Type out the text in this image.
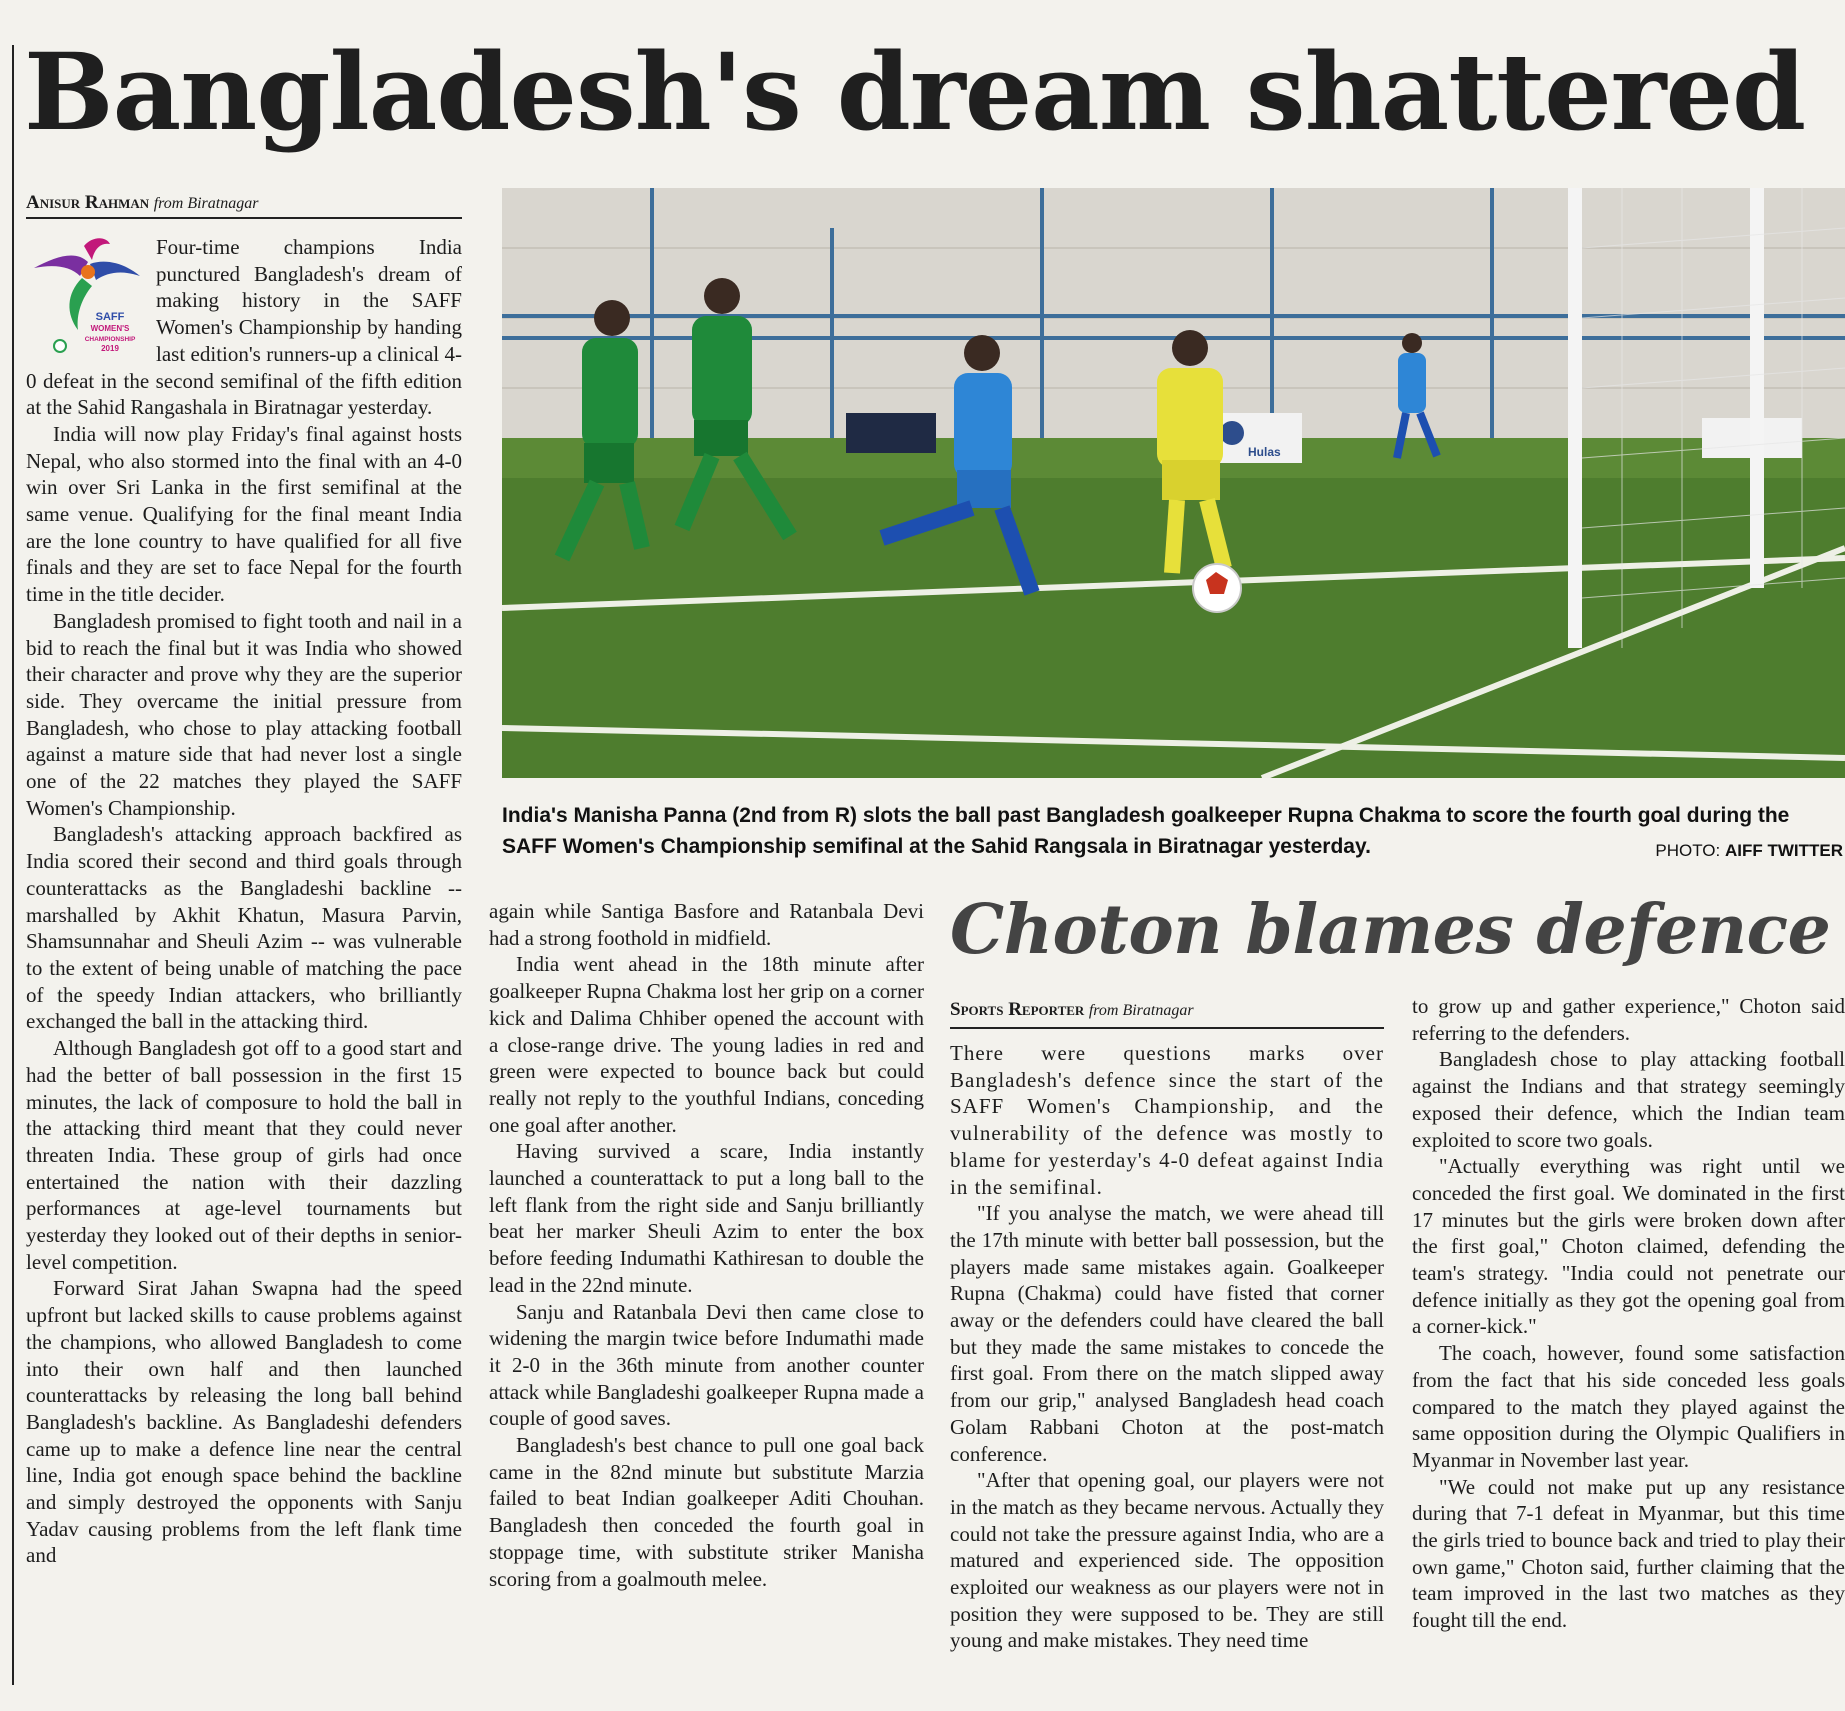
Bangladesh's dream shattered
Anisur Rahman from Biratnagar
SAFF
WOMEN'S
CHAMPIONSHIP
2019

Four-time champions India punctured Bangladesh's dream of making history in the SAFF Women's Championship by handing last edition's runners-up a clinical 4-0 defeat in the second semifinal of the fifth edition at the Sahid Rangashala in Biratnagar yesterday.

India will now play Friday's final against hosts Nepal, who also stormed into the final with an 4-0 win over Sri Lanka in the first semifinal at the same venue. Qualifying for the final meant India are the lone country to have qualified for all five finals and they are set to face Nepal for the fourth time in the title decider.

Bangladesh promised to fight tooth and nail in a bid to reach the final but it was India who showed their character and prove why they are the superior side. They overcame the initial pressure from Bangladesh, who chose to play attacking football against a mature side that had never lost a single one of the 22 matches they played the SAFF Women's Championship.

Bangladesh's attacking approach backfired as India scored their second and third goals through counterattacks as the Bangladeshi backline -- marshalled by Akhit Khatun, Masura Parvin, Shamsunnahar and Sheuli Azim -- was vulnerable to the extent of being unable of matching the pace of the speedy Indian attackers, who brilliantly exchanged the ball in the attacking third.

Although Bangladesh got off to a good start and had the better of ball possession in the first 15 minutes, the lack of composure to hold the ball in the attacking third meant that they could never threaten India. These group of girls had once entertained the nation with their dazzling performances at age-level tournaments but yesterday they looked out of their depths in senior-level competition.

Forward Sirat Jahan Swapna had the speed upfront but lacked skills to cause problems against the champions, who allowed Bangladesh to come into their own half and then launched counterattacks by releasing the long ball behind Bangladesh's backline. As Bangladeshi defenders came up to make a defence line near the central line, India got enough space behind the backline and simply destroyed the opponents with Sanju Yadav causing problems from the left flank time and

again while Santiga Basfore and Ratanbala Devi had a strong foothold in midfield.

India went ahead in the 18th minute after goalkeeper Rupna Chakma lost her grip on a corner kick and Dalima Chhiber opened the account with a close-range drive. The young ladies in red and green were expected to bounce back but could really not reply to the youthful Indians, conceding one goal after another.

Having survived a scare, India instantly launched a counterattack to put a long ball to the left flank from the right side and Sanju brilliantly beat her marker Sheuli Azim to enter the box before feeding Indumathi Kathiresan to double the lead in the 22nd minute.

Sanju and Ratanbala Devi then came close to widening the margin twice before Indumathi made it 2-0 in the 36th minute from another counter attack while Bangladeshi goalkeeper Rupna made a couple of good saves.

Bangladesh's best chance to pull one goal back came in the 82nd minute but substitute Marzia failed to beat Indian goalkeeper Aditi Chouhan. Bangladesh then conceded the fourth goal in stoppage time, with substitute striker Manisha scoring from a goalmouth melee.

Hulas
India's Manisha Panna (2nd from R) slots the ball past Bangladesh goalkeeper Rupna Chakma to score the fourth goal during the SAFF Women's Championship semifinal at the Sahid Rangsala in Biratnagar yesterday.	PHOTO: AIFF TWITTER
Choton blames defence
Sports Reporter from Biratnagar

There were questions marks over Bangladesh's defence since the start of the SAFF Women's Championship, and the vulnerability of the defence was mostly to blame for yesterday's 4-0 defeat against India in the semifinal.

"If you analyse the match, we were ahead till the 17th minute with better ball possession, but the players made same mistakes again. Goalkeeper Rupna (Chakma) could have fisted that corner away or the defenders could have cleared the ball but they made the same mistakes to concede the first goal. From there on the match slipped away from our grip," analysed Bangladesh head coach Golam Rabbani Choton at the post-match conference.

"After that opening goal, our players were not in the match as they became nervous. Actually they could not take the pressure against India, who are a matured and experienced side. The opposition exploited our weakness as our players were not in position they were supposed to be. They are still young and make mistakes. They need time

to grow up and gather experience," Choton said referring to the defenders.

Bangladesh chose to play attacking football against the Indians and that strategy seemingly exposed their defence, which the Indian team exploited to score two goals.

"Actually everything was right until we conceded the first goal. We dominated in the first 17 minutes but the girls were broken down after the first goal," Choton claimed, defending the team's strategy. "India could not penetrate our defence initially as they got the opening goal from a corner-kick."

The coach, however, found some satisfaction from the fact that his side conceded less goals compared to the match they played against the same opposition during the Olympic Qualifiers in Myanmar in November last year.

"We could not make put up any resistance during that 7-1 defeat in Myanmar, but this time the girls tried to bounce back and tried to play their own game," Choton said, further claiming that the team improved in the last two matches as they fought till the end.
